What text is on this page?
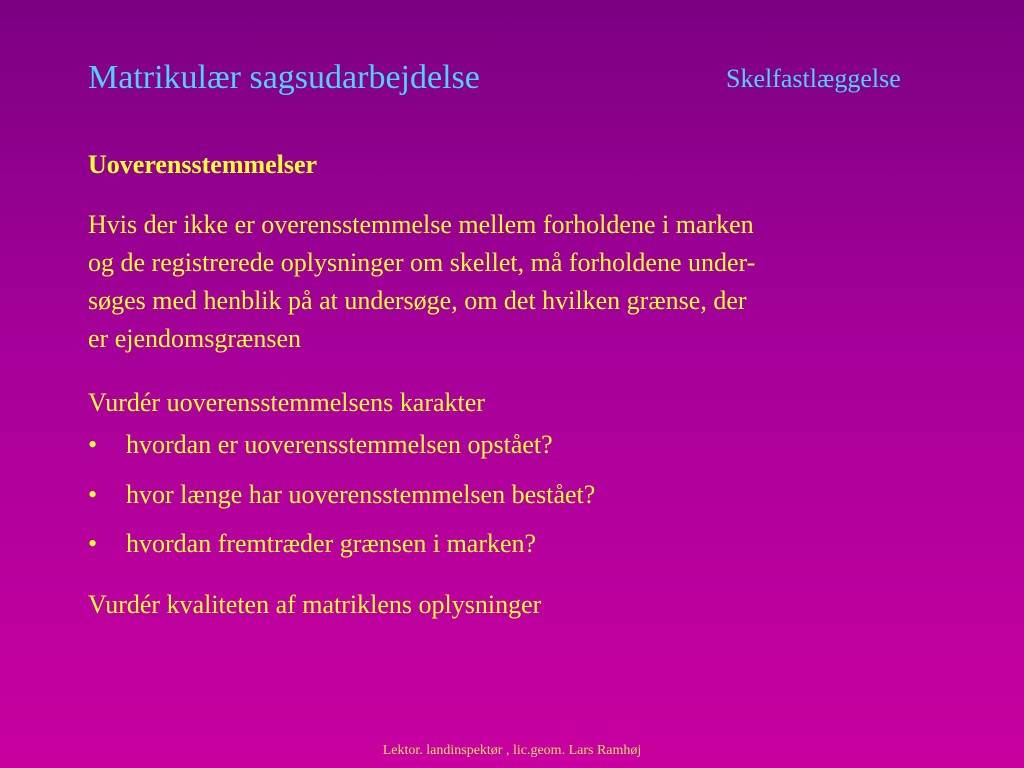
Matrikulær sagsudarbejdelse	Skelfastlæggelse
Uoverensstemmelser
Hvis der ikke er overensstemmelse mellem forholdene i marken
og de registrerede oplysninger om skellet, må forholdene under-
søges med henblik på at undersøge, om det hvilken grænse, der
er ejendomsgrænsen
Vurdér uoverensstemmelsens karakter
• hvordan er uoverensstemmelsen opstået?
• hvor længe har uoverensstemmelsen bestået?
• hvordan fremtræder grænsen i marken?
Vurdér kvaliteten af matriklens oplysninger
Lektor. landinspektør , lic.geom. Lars Ramhøj
